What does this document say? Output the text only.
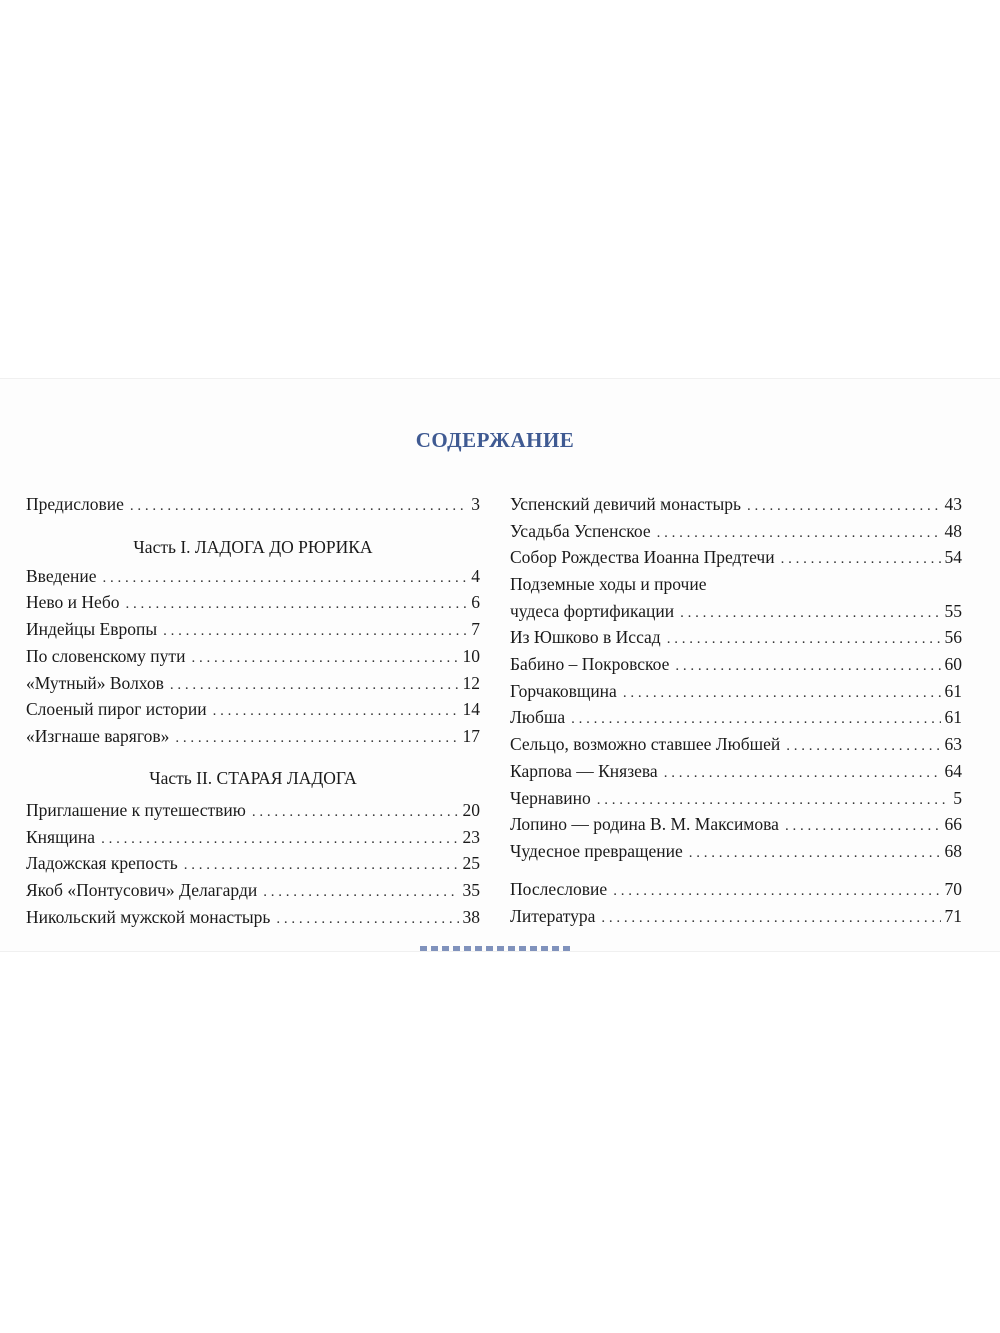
СОДЕРЖАНИЕ
Предисловие . . .	3
Часть I. ЛАДОГА ДО РЮРИКА
Введение . . .	4
Нево и Небо . . .	6
Индейцы Европы . . .	7
По словенскому пути . . .	10
«Мутный» Волхов . . .	12
Слоеный пирог истории . . .	14
«Изгнаше варягов» . . .	17
Часть II. СТАРАЯ ЛАДОГА
Приглашение к путешествию . . .	20
Княщина . . .	23
Ладожская крепость . . .	25
Якоб «Понтусович» Делагарди . . .	35
Никольский мужской монастырь . . .	38
Успенский девичий монастырь . . .	43
Усадьба Успенское . . .	48
Собор Рождества Иоанна Предтечи . . .	54
Подземные ходы и прочие
чудеса фортификации . . .	55
Из Юшково в Иссад . . .	56
Бабино – Покровское . . .	60
Горчаковщина . . .	61
Любша . . .	61
Сельцо, возможно ставшее Любшей . . .	63
Карпова — Князева . . .	64
Чернавино . . .	5
Лопино — родина В. М. Максимова . . .	66
Чудесное превращение . . .	68
Послесловие . . .	70
Литература . . .	71
